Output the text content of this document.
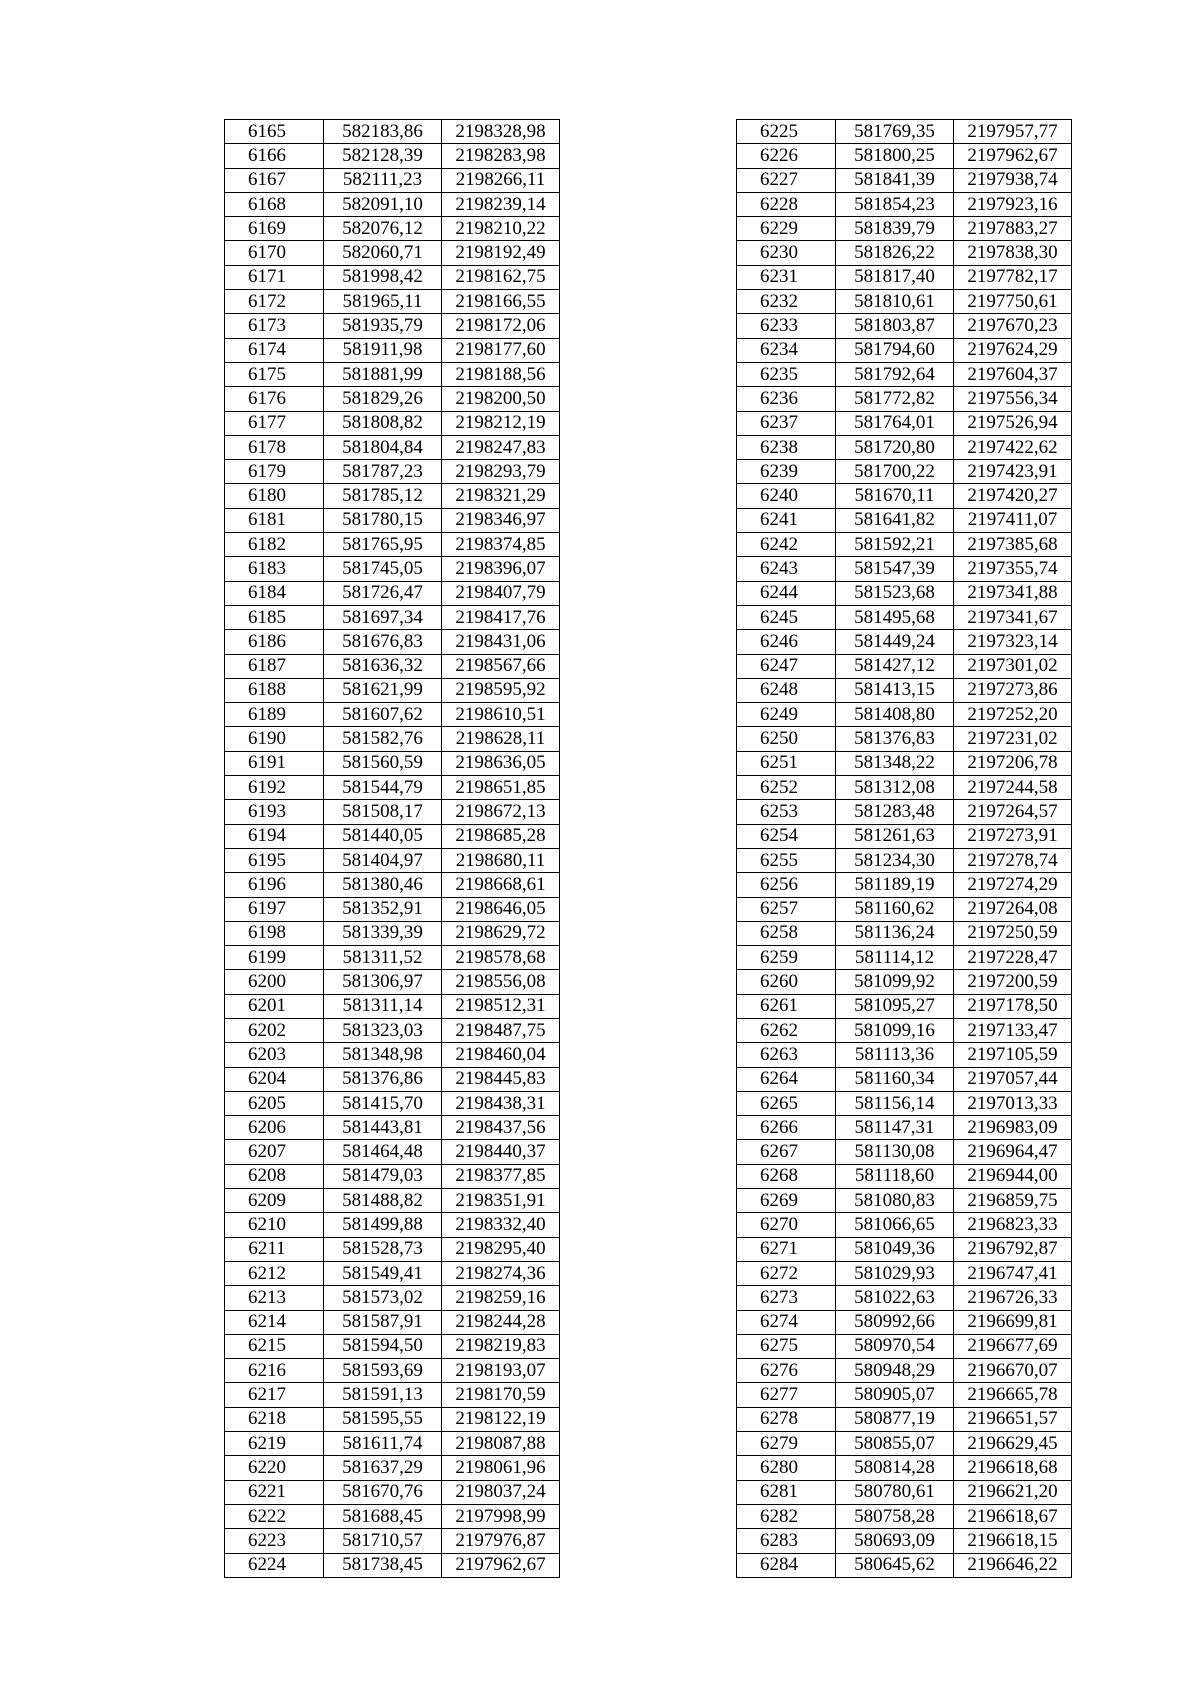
6165	582183,86	2198328,98
6166	582128,39	2198283,98
6167	582111,23	2198266,11
6168	582091,10	2198239,14
6169	582076,12	2198210,22
6170	582060,71	2198192,49
6171	581998,42	2198162,75
6172	581965,11	2198166,55
6173	581935,79	2198172,06
6174	581911,98	2198177,60
6175	581881,99	2198188,56
6176	581829,26	2198200,50
6177	581808,82	2198212,19
6178	581804,84	2198247,83
6179	581787,23	2198293,79
6180	581785,12	2198321,29
6181	581780,15	2198346,97
6182	581765,95	2198374,85
6183	581745,05	2198396,07
6184	581726,47	2198407,79
6185	581697,34	2198417,76
6186	581676,83	2198431,06
6187	581636,32	2198567,66
6188	581621,99	2198595,92
6189	581607,62	2198610,51
6190	581582,76	2198628,11
6191	581560,59	2198636,05
6192	581544,79	2198651,85
6193	581508,17	2198672,13
6194	581440,05	2198685,28
6195	581404,97	2198680,11
6196	581380,46	2198668,61
6197	581352,91	2198646,05
6198	581339,39	2198629,72
6199	581311,52	2198578,68
6200	581306,97	2198556,08
6201	581311,14	2198512,31
6202	581323,03	2198487,75
6203	581348,98	2198460,04
6204	581376,86	2198445,83
6205	581415,70	2198438,31
6206	581443,81	2198437,56
6207	581464,48	2198440,37
6208	581479,03	2198377,85
6209	581488,82	2198351,91
6210	581499,88	2198332,40
6211	581528,73	2198295,40
6212	581549,41	2198274,36
6213	581573,02	2198259,16
6214	581587,91	2198244,28
6215	581594,50	2198219,83
6216	581593,69	2198193,07
6217	581591,13	2198170,59
6218	581595,55	2198122,19
6219	581611,74	2198087,88
6220	581637,29	2198061,96
6221	581670,76	2198037,24
6222	581688,45	2197998,99
6223	581710,57	2197976,87
6224	581738,45	2197962,67
6225	581769,35	2197957,77
6226	581800,25	2197962,67
6227	581841,39	2197938,74
6228	581854,23	2197923,16
6229	581839,79	2197883,27
6230	581826,22	2197838,30
6231	581817,40	2197782,17
6232	581810,61	2197750,61
6233	581803,87	2197670,23
6234	581794,60	2197624,29
6235	581792,64	2197604,37
6236	581772,82	2197556,34
6237	581764,01	2197526,94
6238	581720,80	2197422,62
6239	581700,22	2197423,91
6240	581670,11	2197420,27
6241	581641,82	2197411,07
6242	581592,21	2197385,68
6243	581547,39	2197355,74
6244	581523,68	2197341,88
6245	581495,68	2197341,67
6246	581449,24	2197323,14
6247	581427,12	2197301,02
6248	581413,15	2197273,86
6249	581408,80	2197252,20
6250	581376,83	2197231,02
6251	581348,22	2197206,78
6252	581312,08	2197244,58
6253	581283,48	2197264,57
6254	581261,63	2197273,91
6255	581234,30	2197278,74
6256	581189,19	2197274,29
6257	581160,62	2197264,08
6258	581136,24	2197250,59
6259	581114,12	2197228,47
6260	581099,92	2197200,59
6261	581095,27	2197178,50
6262	581099,16	2197133,47
6263	581113,36	2197105,59
6264	581160,34	2197057,44
6265	581156,14	2197013,33
6266	581147,31	2196983,09
6267	581130,08	2196964,47
6268	581118,60	2196944,00
6269	581080,83	2196859,75
6270	581066,65	2196823,33
6271	581049,36	2196792,87
6272	581029,93	2196747,41
6273	581022,63	2196726,33
6274	580992,66	2196699,81
6275	580970,54	2196677,69
6276	580948,29	2196670,07
6277	580905,07	2196665,78
6278	580877,19	2196651,57
6279	580855,07	2196629,45
6280	580814,28	2196618,68
6281	580780,61	2196621,20
6282	580758,28	2196618,67
6283	580693,09	2196618,15
6284	580645,62	2196646,22
